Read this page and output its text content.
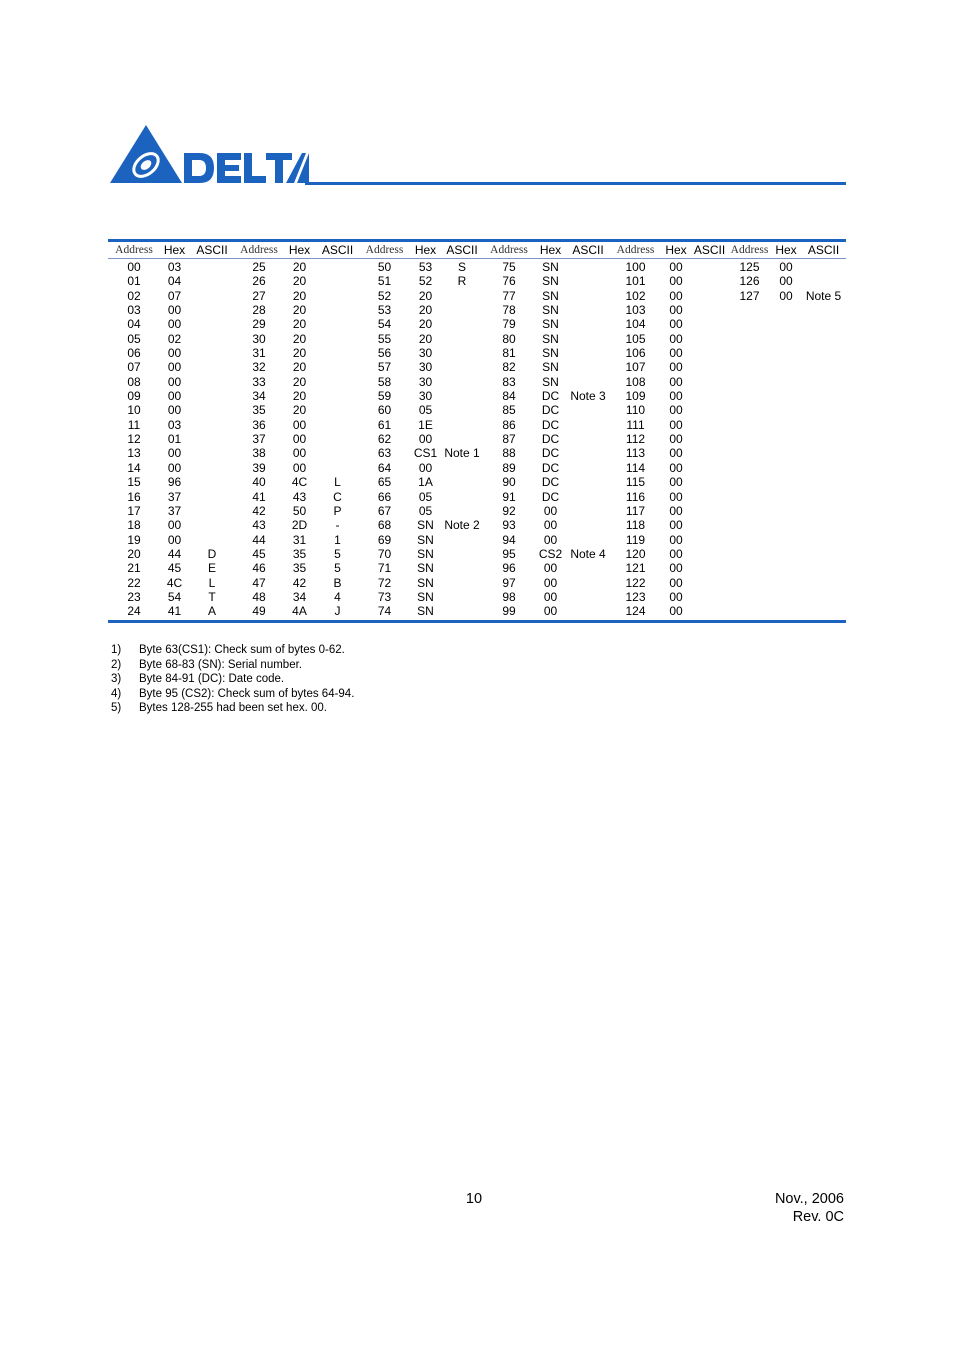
Address	Hex	ASCII	Address	Hex	ASCII	Address	Hex	ASCII	Address	Hex	ASCII	Address	Hex	ASCII	Address	Hex	ASCII
00	03		25	20		50	53	S	75	SN		100	00		125	00	
01	04		26	20		51	52	R	76	SN		101	00		126	00	
02	07		27	20		52	20		77	SN		102	00		127	00	Note 5
03	00		28	20		53	20		78	SN		103	00				
04	00		29	20		54	20		79	SN		104	00				
05	02		30	20		55	20		80	SN		105	00				
06	00		31	20		56	30		81	SN		106	00				
07	00		32	20		57	30		82	SN		107	00				
08	00		33	20		58	30		83	SN		108	00				
09	00		34	20		59	30		84	DC	Note 3	109	00				
10	00		35	20		60	05		85	DC		110	00				
11	03		36	00		61	1E		86	DC		111	00				
12	01		37	00		62	00		87	DC		112	00				
13	00		38	00		63	CS1	Note 1	88	DC		113	00				
14	00		39	00		64	00		89	DC		114	00				
15	96		40	4C	L	65	1A		90	DC		115	00				
16	37		41	43	C	66	05		91	DC		116	00				
17	37		42	50	P	67	05		92	00		117	00				
18	00		43	2D	-	68	SN	Note 2	93	00		118	00				
19	00		44	31	1	69	SN		94	00		119	00				
20	44	D	45	35	5	70	SN		95	CS2	Note 4	120	00				
21	45	E	46	35	5	71	SN		96	00		121	00				
22	4C	L	47	42	B	72	SN		97	00		122	00				
23	54	T	48	34	4	73	SN		98	00		123	00				
24	41	A	49	4A	J	74	SN		99	00		124	00				

1)	Byte 63(CS1): Check sum of bytes 0-62.
2)	Byte 68-83 (SN): Serial number.
3)	Byte 84-91 (DC): Date code.
4)	Byte 95 (CS2): Check sum of bytes 64-94.
5)	Bytes 128-255 had been set hex. 00.
10	Nov., 2006
Rev. 0C
